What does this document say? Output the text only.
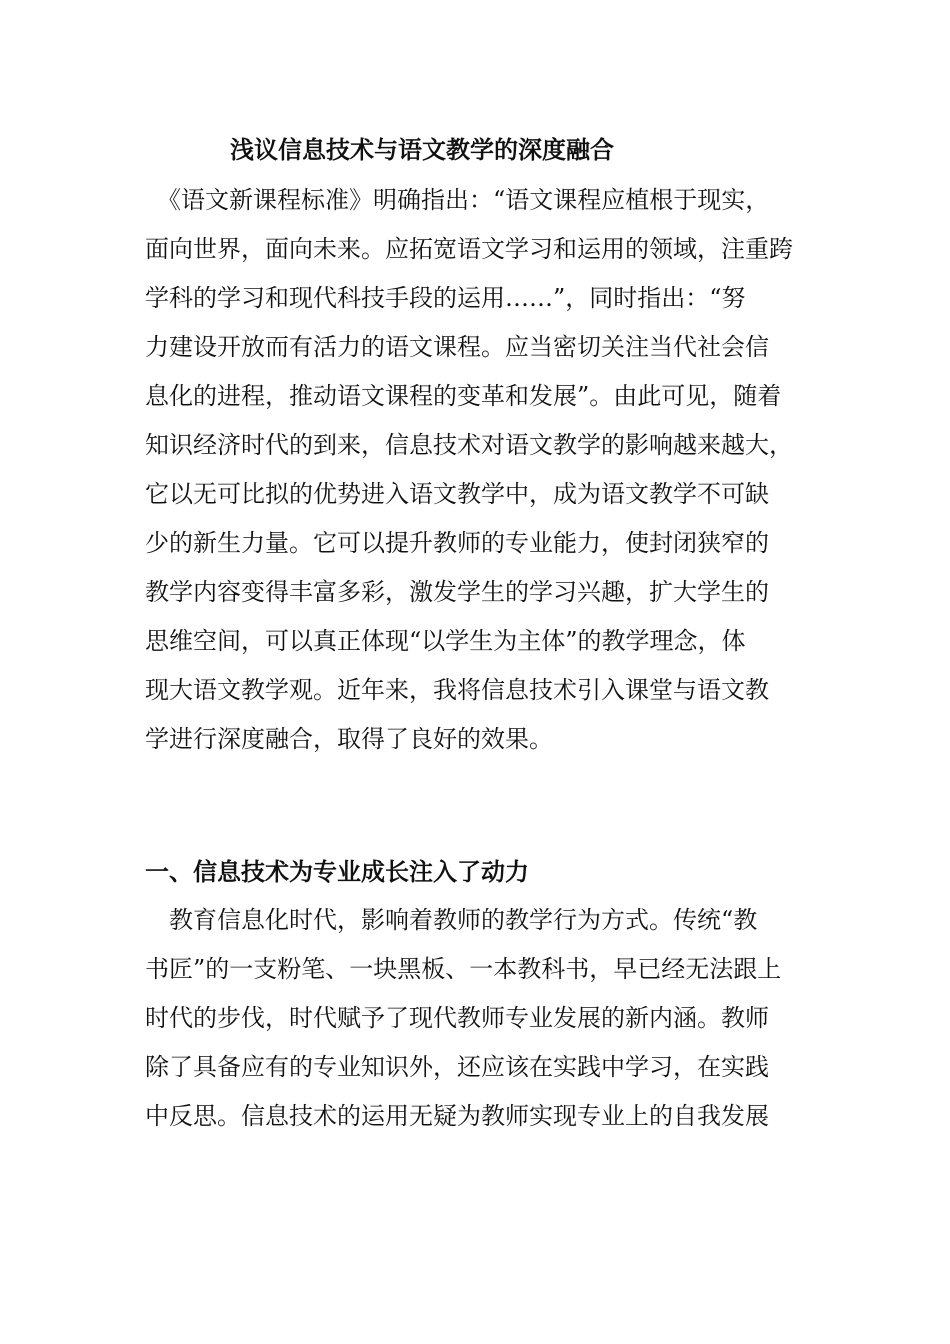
浅议信息技术与语文教学的深度融合
　《语文新课程标准》明确指出：“语文课程应植根于现实，
面向世界，面向未来。应拓宽语文学习和运用的领域，注重跨
学科的学习和现代科技手段的运用……”，同时指出：“努
力建设开放而有活力的语文课程。应当密切关注当代社会信
息化的进程，推动语文课程的变革和发展”。由此可见，随着
知识经济时代的到来，信息技术对语文教学的影响越来越大，
它以无可比拟的优势进入语文教学中，成为语文教学不可缺
少的新生力量。它可以提升教师的专业能力，使封闭狭窄的
教学内容变得丰富多彩，激发学生的学习兴趣，扩大学生的
思维空间，可以真正体现“以学生为主体”的教学理念，体
现大语文教学观。近年来，我将信息技术引入课堂与语文教
学进行深度融合，取得了良好的效果。
一、信息技术为专业成长注入了动力
　教育信息化时代，影响着教师的教学行为方式。传统“教
书匠”的一支粉笔、一块黑板、一本教科书，早已经无法跟上
时代的步伐，时代赋予了现代教师专业发展的新内涵。教师
除了具备应有的专业知识外，还应该在实践中学习，在实践
中反思。信息技术的运用无疑为教师实现专业上的自我发展
